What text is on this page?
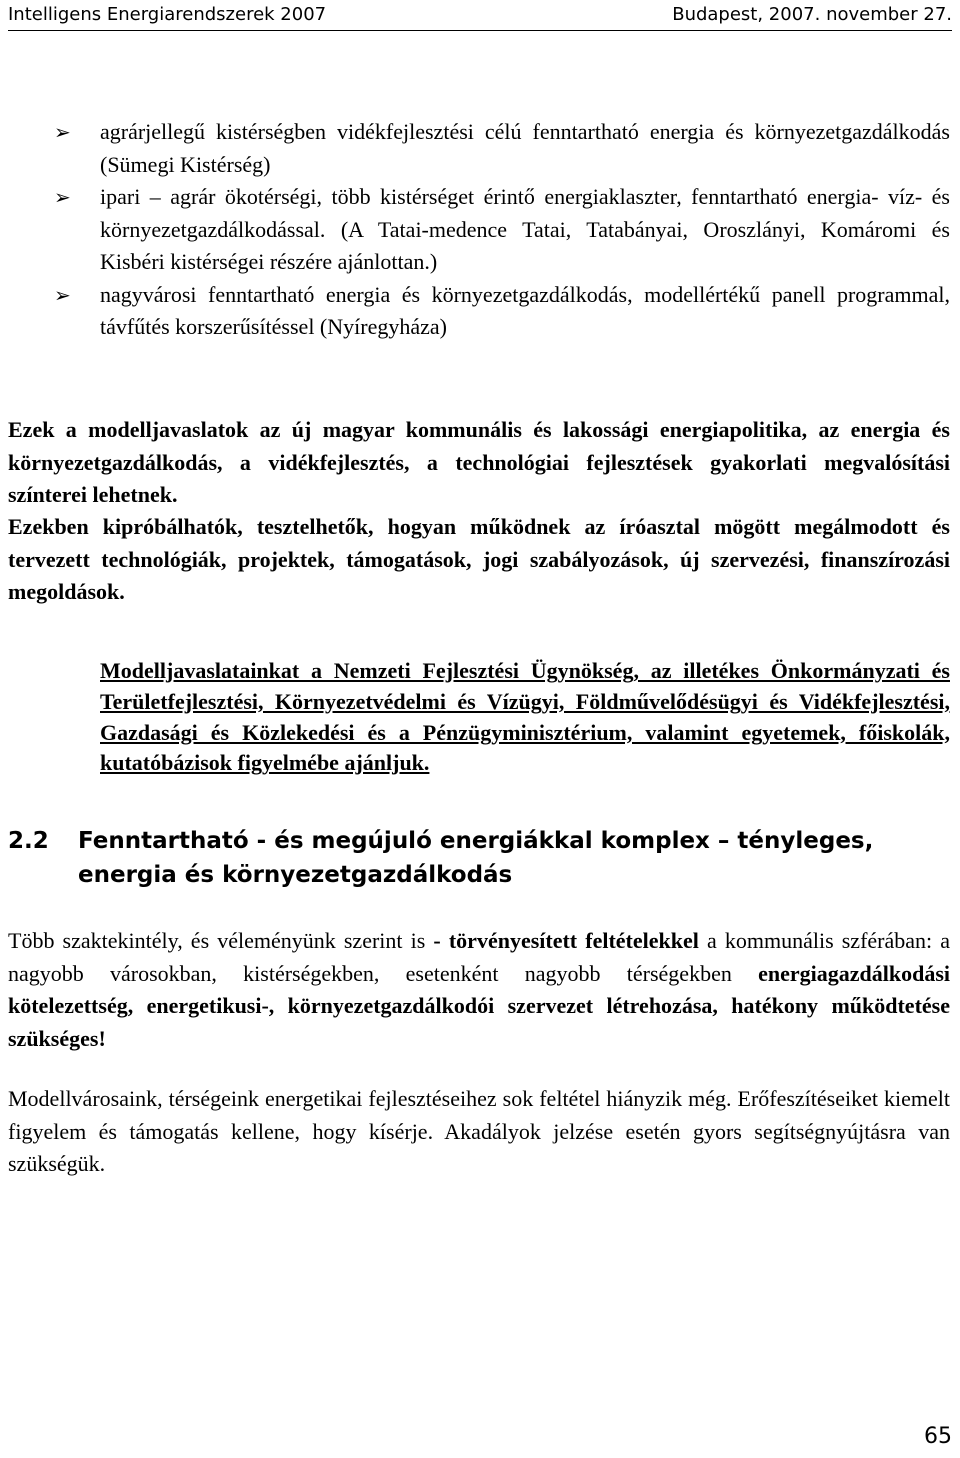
Intelligens Energiarendszerek 2007	Budapest, 2007. november 27.
➢ agrárjellegű kistérségben vidékfejlesztési célú fenntartható energia és környezetgazdálkodás (Sümegi Kistérség)

➢ ipari – agrár ökotérségi, több kistérséget érintő energiaklaszter, fenntartható energia- víz- és környezetgazdálkodással. (A Tatai-medence Tatai, Tatabányai, Oroszlányi, Komáromi és Kisbéri kistérségei részére ajánlottan.)

➢ nagyvárosi fenntartható energia és környezetgazdálkodás, modellértékű panell programmal, távfűtés korszerűsítéssel (Nyíregyháza)

Ezek a modelljavaslatok az új magyar kommunális és lakossági energiapolitika, az energia és környezetgazdálkodás, a vidékfejlesztés, a technológiai fejlesztések gyakorlati megvalósítási színterei lehetnek.

Ezekben kipróbálhatók, tesztelhetők, hogyan működnek az íróasztal mögött megálmodott és tervezett technológiák, projektek, támogatások, jogi szabályozások, új szervezési, finanszírozási megoldások.

Modelljavaslatainkat a Nemzeti Fejlesztési Ügynökség, az illetékes Önkormányzati és Területfejlesztési, Környezetvédelmi és Vízügyi, Földművelődésügyi és Vidékfejlesztési, Gazdasági és Közlekedési és a Pénzügyminisztérium, valamint egyetemek, főiskolák, kutatóbázisok figyelmébe ajánljuk.

2.2 Fenntartható - és megújuló energiákkal komplex – tényleges, energia és környezetgazdálkodás

Több szaktekintély, és véleményünk szerint is - törvényesített feltételekkel a kommunális szférában: a nagyobb városokban, kistérségekben, esetenként nagyobb térségekben energiagazdálkodási kötelezettség, energetikusi-, környezetgazdálkodói szervezet létrehozása, hatékony működtetése szükséges!

Modellvárosaink, térségeink energetikai fejlesztéseihez sok feltétel hiányzik még. Erőfeszítéseiket kiemelt figyelem és támogatás kellene, hogy kísérje. Akadályok jelzése esetén gyors segítségnyújtásra van szükségük.

65
